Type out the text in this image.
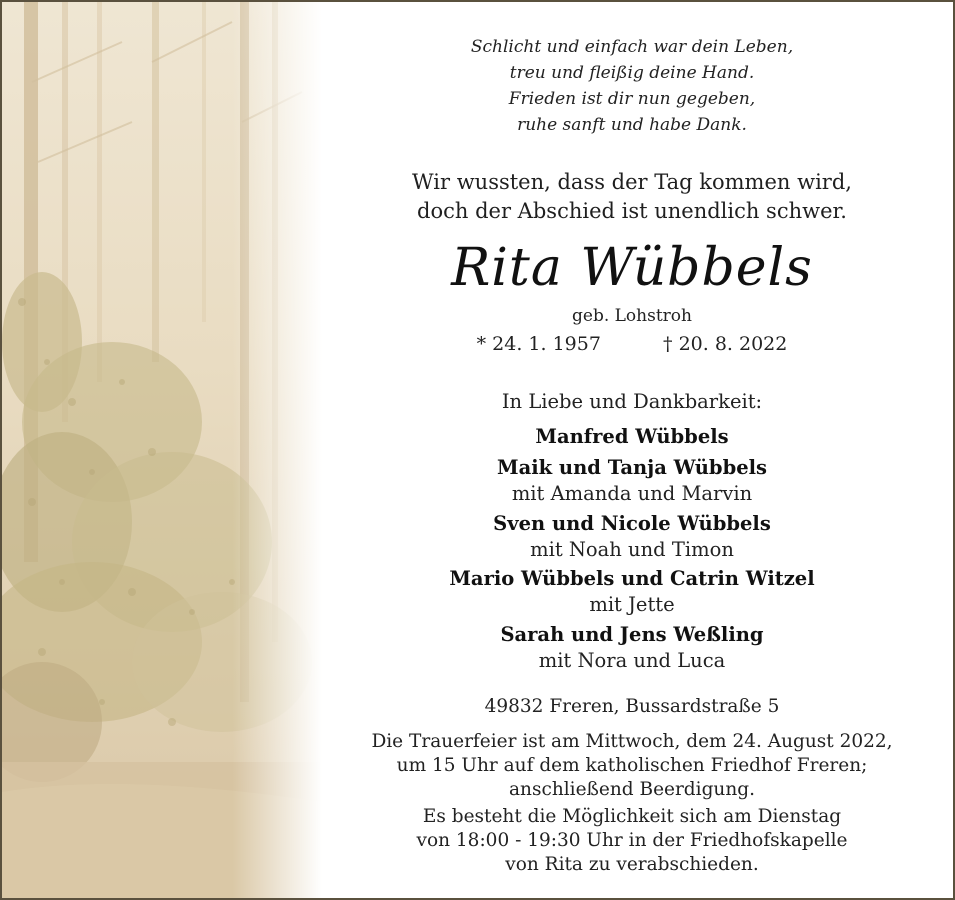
Schlicht und einfach war dein Leben,
treu und fleißig deine Hand.
Frieden ist dir nun gegeben,
ruhe sanft und habe Dank.
Wir wussten, dass der Tag kommen wird,
doch der Abschied ist unendlich schwer.
Rita Wübbels
geb. Lohstroh
* 24. 1. 1957	† 20. 8. 2022
In Liebe und Dankbarkeit:
Manfred Wübbels
Maik und Tanja Wübbels
mit Amanda und Marvin
Sven und Nicole Wübbels
mit Noah und Timon
Mario Wübbels und Catrin Witzel
mit Jette
Sarah und Jens Weßling
mit Nora und Luca
49832 Freren, Bussardstraße 5
Die Trauerfeier ist am Mittwoch, dem 24. August 2022,
um 15 Uhr auf dem katholischen Friedhof Freren;
anschließend Beerdigung.
Es besteht die Möglichkeit sich am Dienstag
von 18:00 - 19:30 Uhr in der Friedhofskapelle
von Rita zu verabschieden.
